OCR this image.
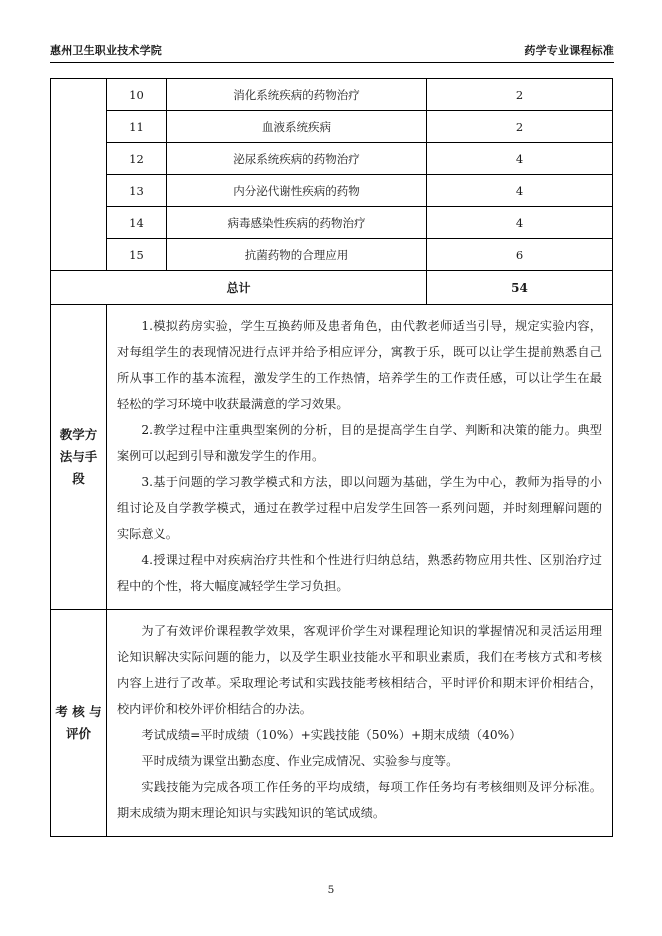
惠州卫生职业技术学院	药学专业课程标准
	10	消化系统疾病的药物治疗	2
	11	血液系统疾病	2
	12	泌尿系统疾病的药物治疗	4
	13	内分泌代谢性疾病的药物	4
	14	病毒感染性疾病的药物治疗	4
	15	抗菌药物的合理应用	6
总计			54
教学方法与手段	1.模拟药房实验，学生互换药师及患者角色，由代教老师适当引导，规定实验内容，对每组学生的表现情况进行点评并给予相应评分，寓教于乐，既可以让学生提前熟悉自己所从事工作的基本流程，激发学生的工作热情，培养学生的工作责任感，可以让学生在最轻松的学习环境中收获最满意的学习效果。

2.教学过程中注重典型案例的分析，目的是提高学生自学、判断和决策的能力。典型案例可以起到引导和激发学生的作用。

3.基于问题的学习教学模式和方法，即以问题为基础，学生为中心，教师为指导的小组讨论及自学教学模式，通过在教学过程中启发学生回答一系列问题，并时刻理解问题的实际意义。

4.授课过程中对疾病治疗共性和个性进行归纳总结，熟悉药物应用共性、区别治疗过程中的个性，将大幅度减轻学生学习负担。		

考 核 与评价	为了有效评价课程教学效果，客观评价学生对课程理论知识的掌握情况和灵活运用理论知识解决实际问题的能力，以及学生职业技能水平和职业素质，我们在考核方式和考核内容上进行了改革。采取理论考试和实践技能考核相结合，平时评价和期末评价相结合，校内评价和校外评价相结合的办法。

考试成绩=平时成绩（10%）+实践技能（50%）+期末成绩（40%）

平时成绩为课堂出勤态度、作业完成情况、实验参与度等。

实践技能为完成各项工作任务的平均成绩，每项工作任务均有考核细则及评分标准。期末成绩为期末理论知识与实践知识的笔试成绩。		

5
